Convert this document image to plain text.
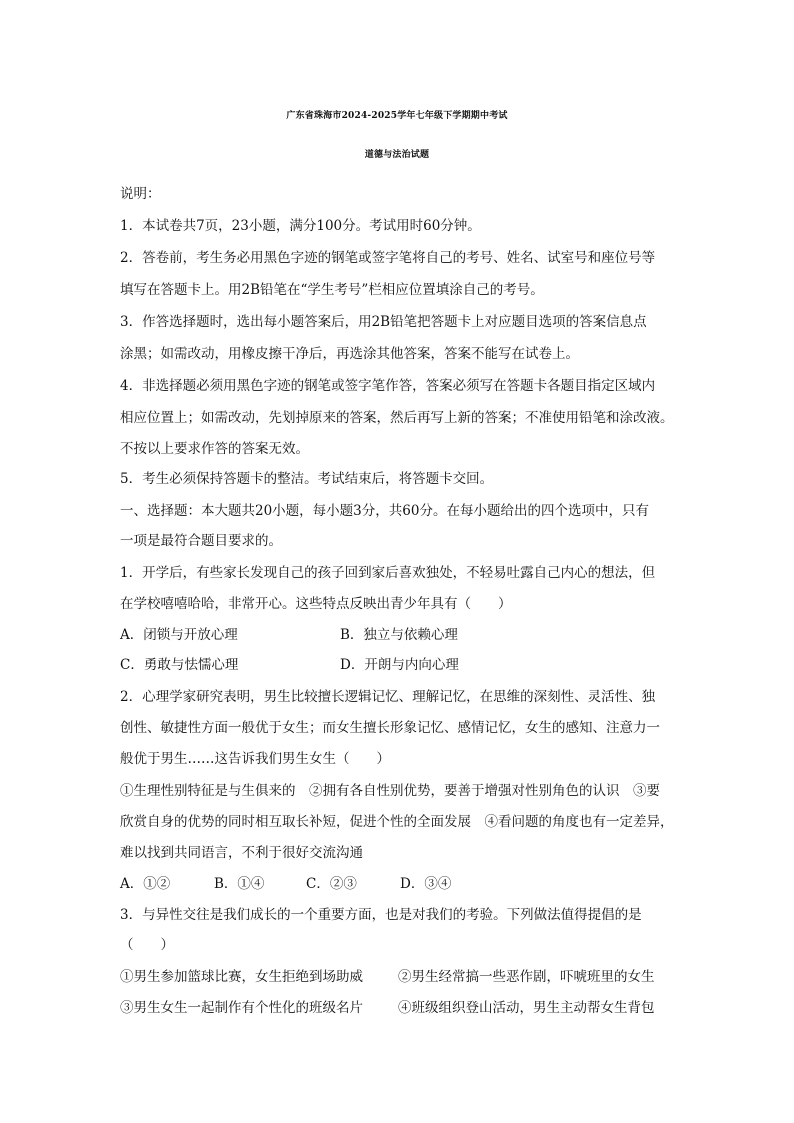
广东省珠海市2024-2025学年七年级下学期期中考试
道德与法治试题
说明：
1．本试卷共7页，23小题，满分100分。考试用时60分钟。
2．答卷前，考生务必用黑色字迹的钢笔或签字笔将自己的考号、姓名、试室号和座位号等
填写在答题卡上。用2B铅笔在“学生考号”栏相应位置填涂自己的考号。
3．作答选择题时，选出每小题答案后，用2B铅笔把答题卡上对应题目选项的答案信息点
涂黑；如需改动，用橡皮擦干净后，再选涂其他答案，答案不能写在试卷上。
4．非选择题必须用黑色字迹的钢笔或签字笔作答，答案必须写在答题卡各题目指定区域内
相应位置上；如需改动，先划掉原来的答案，然后再写上新的答案；不准使用铅笔和涂改液。
不按以上要求作答的答案无效。
5．考生必须保持答题卡的整洁。考试结束后，将答题卡交回。
一、选择题：本大题共20小题，每小题3分，共60分。在每小题给出的四个选项中，只有
一项是最符合题目要求的。
1．开学后，有些家长发现自己的孩子回到家后喜欢独处，不轻易吐露自己内心的想法，但
在学校嘻嘻哈哈，非常开心。这些特点反映出青少年具有（　　）
A．闭锁与开放心理	B．独立与依赖心理
C．勇敢与怯懦心理	D．开朗与内向心理
2．心理学家研究表明，男生比较擅长逻辑记忆、理解记忆，在思维的深刻性、灵活性、独
创性、敏捷性方面一般优于女生；而女生擅长形象记忆、感情记忆，女生的感知、注意力一
般优于男生……这告诉我们男生女生（　　）
①生理性别特征是与生俱来的　②拥有各自性别优势，要善于增强对性别角色的认识　③要
欣赏自身的优势的同时相互取长补短，促进个性的全面发展　④看问题的角度也有一定差异，
难以找到共同语言，不利于很好交流沟通
A．①②	B．①④	C．②③	D．③④
3．与异性交往是我们成长的一个重要方面，也是对我们的考验。下列做法值得提倡的是
（　　）
①男生参加篮球比赛，女生拒绝到场助威	②男生经常搞一些恶作剧，吓唬班里的女生
③男生女生一起制作有个性化的班级名片	④班级组织登山活动，男生主动帮女生背包
